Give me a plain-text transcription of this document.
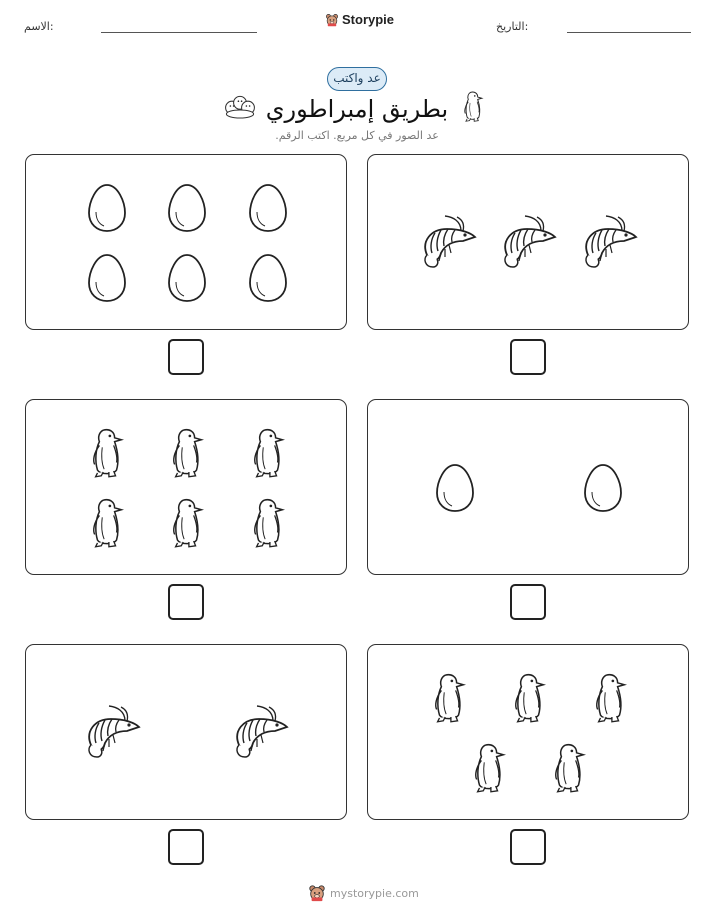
الاسم:	Storypie	التاريخ:
عد واكتب
بطريق إمبراطوري
عد الصور في كل مربع. اكتب الرقم.
mystorypie.com
